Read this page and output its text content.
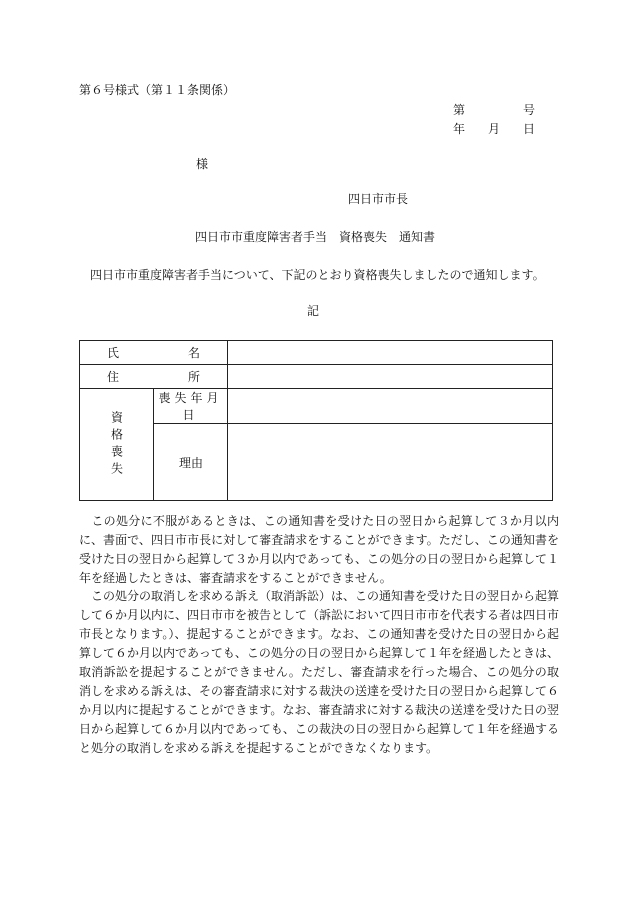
第６号様式（第１１条関係）
第	号
年 月 日
様
四日市市長
四日市市重度障害者手当　資格喪失　通知書
四日市市重度障害者手当について、下記のとおり資格喪失しましたので通知します。
記
氏 名		

住 所		

資格喪失	喪失年月日	

	理 由	

　この処分に不服があるときは、この通知書を受けた日の翌日から起算して３か月以内に、書面で、四日市市長に対して審査請求をすることができます。ただし、この通知書を受けた日の翌日から起算して３か月以内であっても、この処分の日の翌日から起算して１年を経過したときは、審査請求をすることができません。
　この処分の取消しを求める訴え（取消訴訟）は、この通知書を受けた日の翌日から起算して６か月以内に、四日市市を被告として（訴訟において四日市市を代表する者は四日市市長となります。）、提起することができます。なお、この通知書を受けた日の翌日から起算して６か月以内であっても、この処分の日の翌日から起算して１年を経過したときは、取消訴訟を提起することができません。ただし、審査請求を行った場合、この処分の取消しを求める訴えは、その審査請求に対する裁決の送達を受けた日の翌日から起算して６か月以内に提起することができます。なお、審査請求に対する裁決の送達を受けた日の翌日から起算して６か月以内であっても、この裁決の日の翌日から起算して１年を経過すると処分の取消しを求める訴えを提起することができなくなります。
